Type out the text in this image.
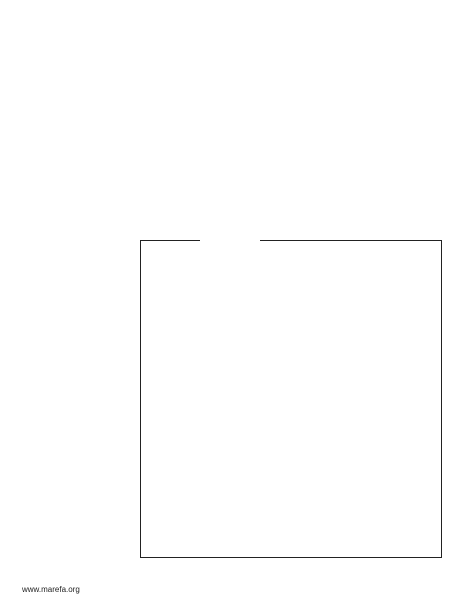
www.marefa.org
